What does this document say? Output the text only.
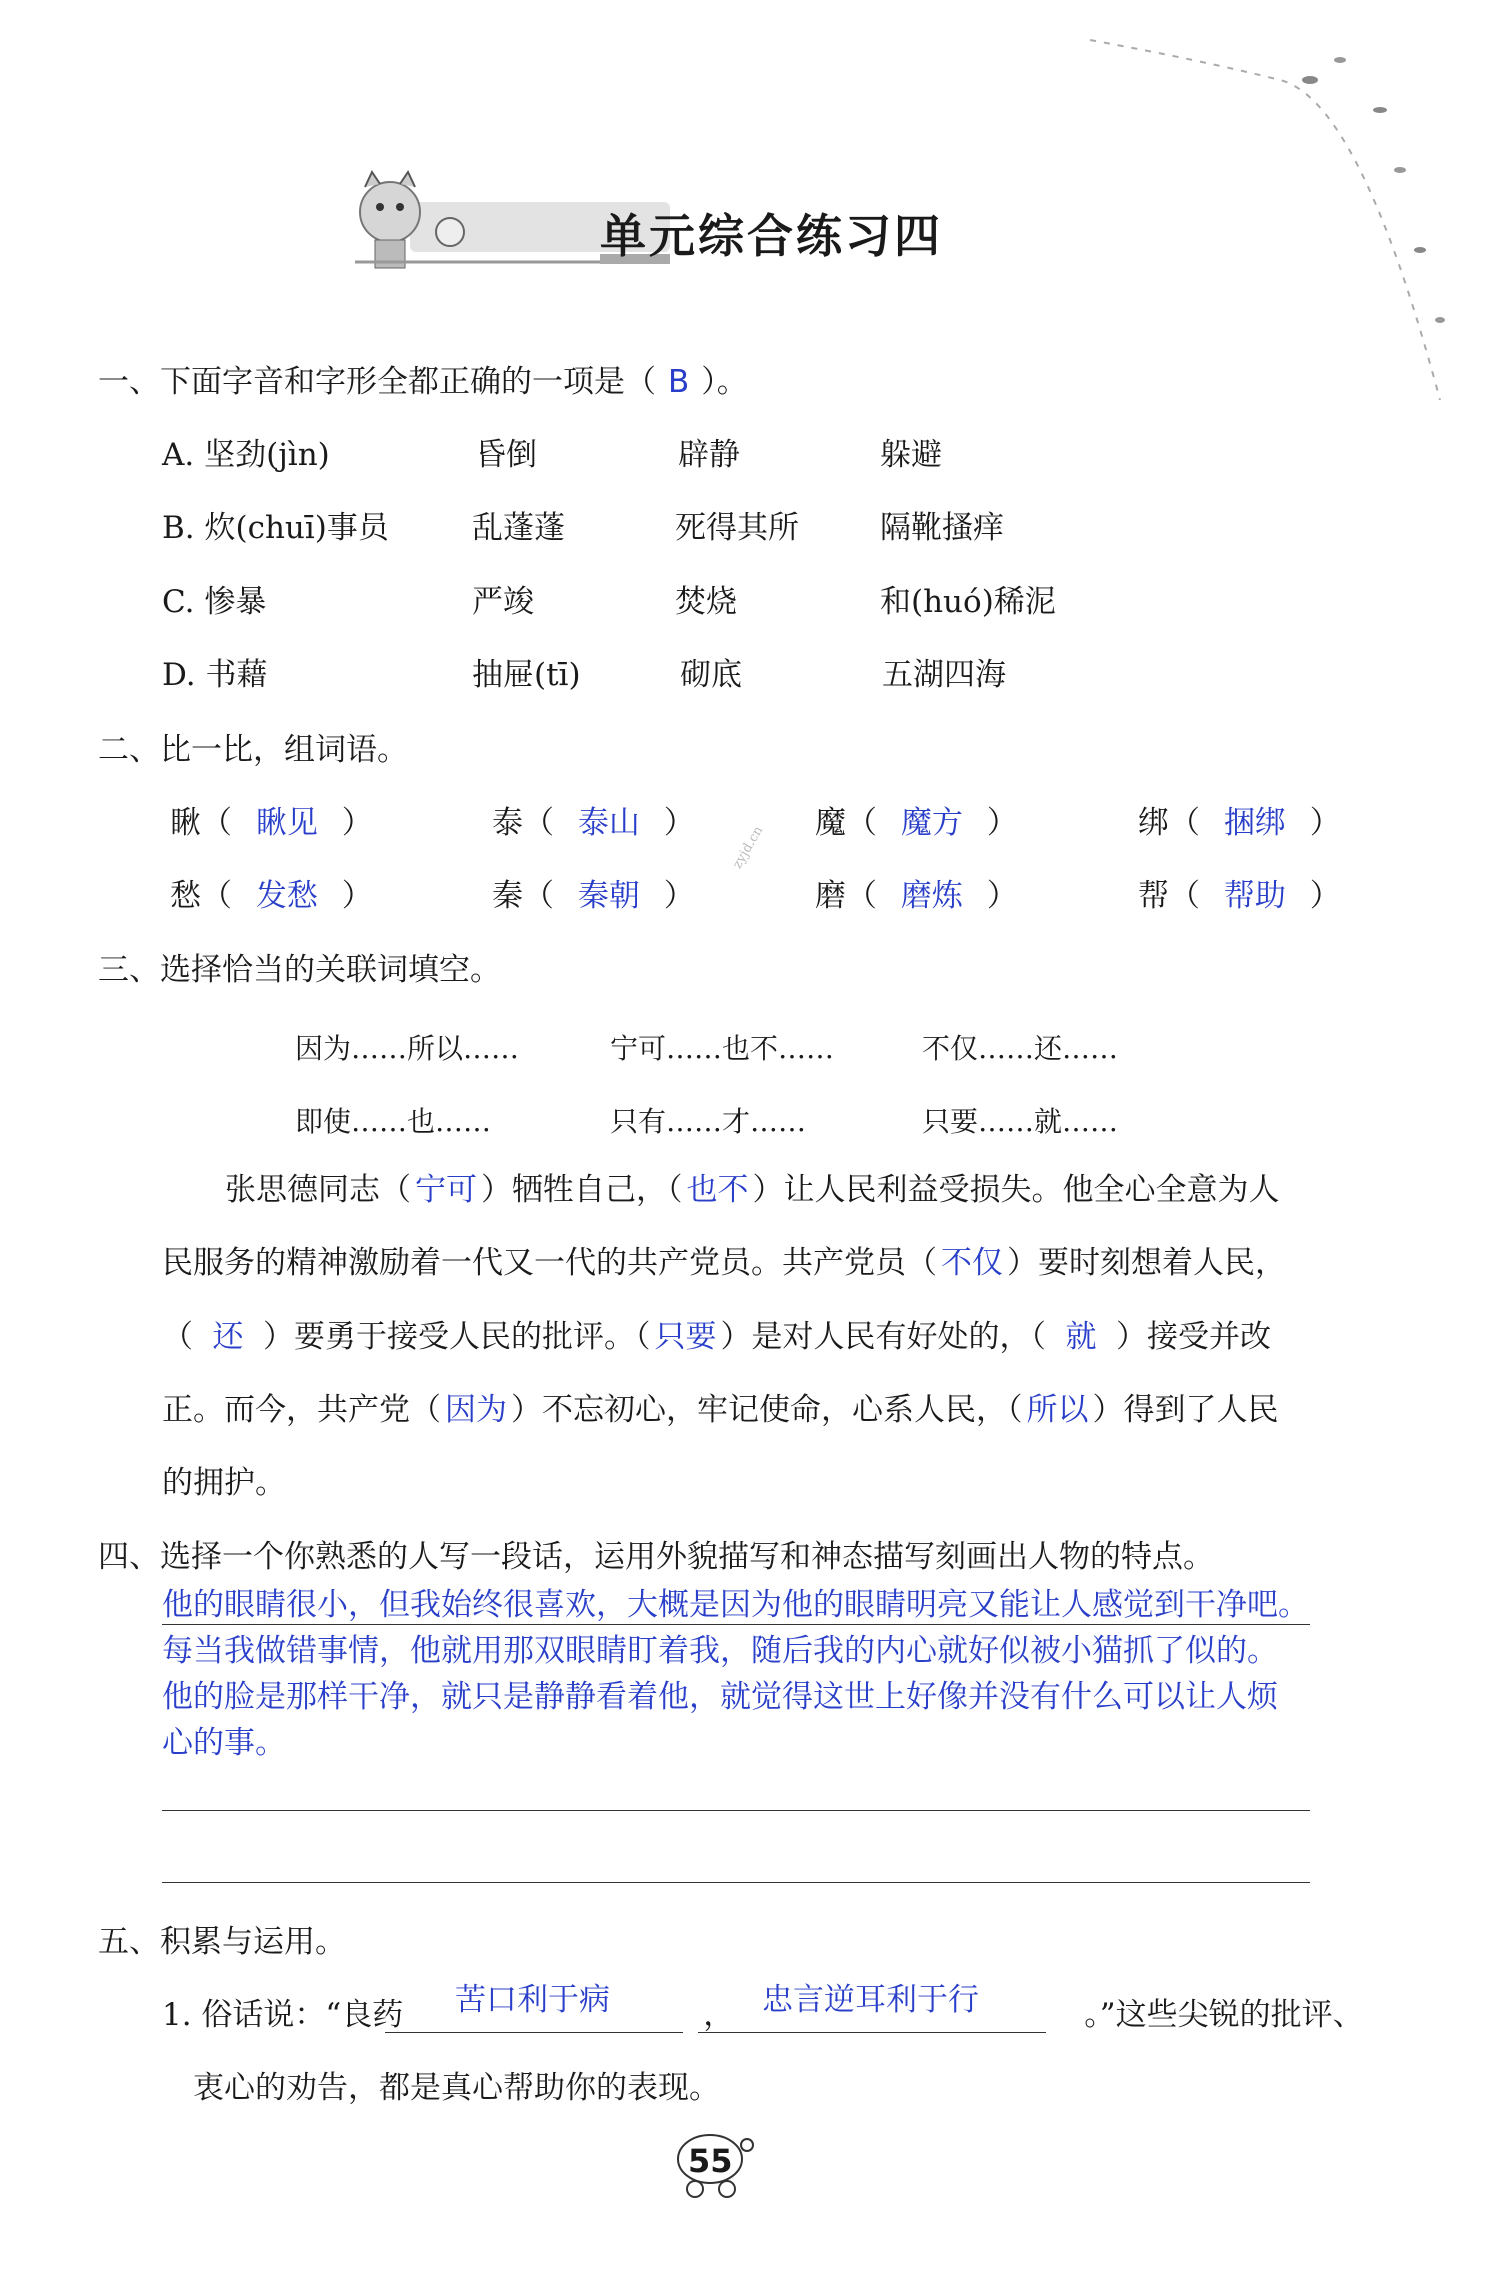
单元综合练习四
一、下面字音和字形全都正确的一项是（ B ）。
A. 坚劲(jìn)	昏倒	辟静	躲避
B. 炊(chuī)事员	乱蓬蓬	死得其所	隔靴搔痒
C. 惨暴	严竣	焚烧	和(huó)稀泥
D. 书藉	抽屉(tī)	砌底	五湖四海
二、比一比，组词语。
瞅（ 瞅见 ）	泰（ 泰山 ）	魔（ 魔方 ）	绑（ 捆绑 ）
愁（ 发愁 ）	秦（ 秦朝 ）	磨（ 磨炼 ）	帮（ 帮助 ）
zyjd.cn
三、选择恰当的关联词填空。
因为……所以……	宁可……也不……	不仅……还……
即使……也……	只有……才……	只要……就……
张思德同志（ 宁可 ）牺牲自己，（ 也不 ）让人民利益受损失。他全心全意为人
民服务的精神激励着一代又一代的共产党员。共产党员（ 不仅 ）要时刻想着人民，
（ 还 ）要勇于接受人民的批评。（ 只要 ）是对人民有好处的，（ 就 ）接受并改
正。而今，共产党（ 因为 ）不忘初心，牢记使命，心系人民，（ 所以 ）得到了人民
的拥护。
四、选择一个你熟悉的人写一段话，运用外貌描写和神态描写刻画出人物的特点。
他的眼睛很小，但我始终很喜欢，大概是因为他的眼睛明亮又能让人感觉到干净吧。
每当我做错事情，他就用那双眼睛盯着我，随后我的内心就好似被小猫抓了似的。
他的脸是那样干净，就只是静静看着他，就觉得这世上好像并没有什么可以让人烦
心的事。
五、积累与运用。
1. 俗话说：“良药	，	。”这些尖锐的批评、
苦口利于病	忠言逆耳利于行
衷心的劝告，都是真心帮助你的表现。
55
